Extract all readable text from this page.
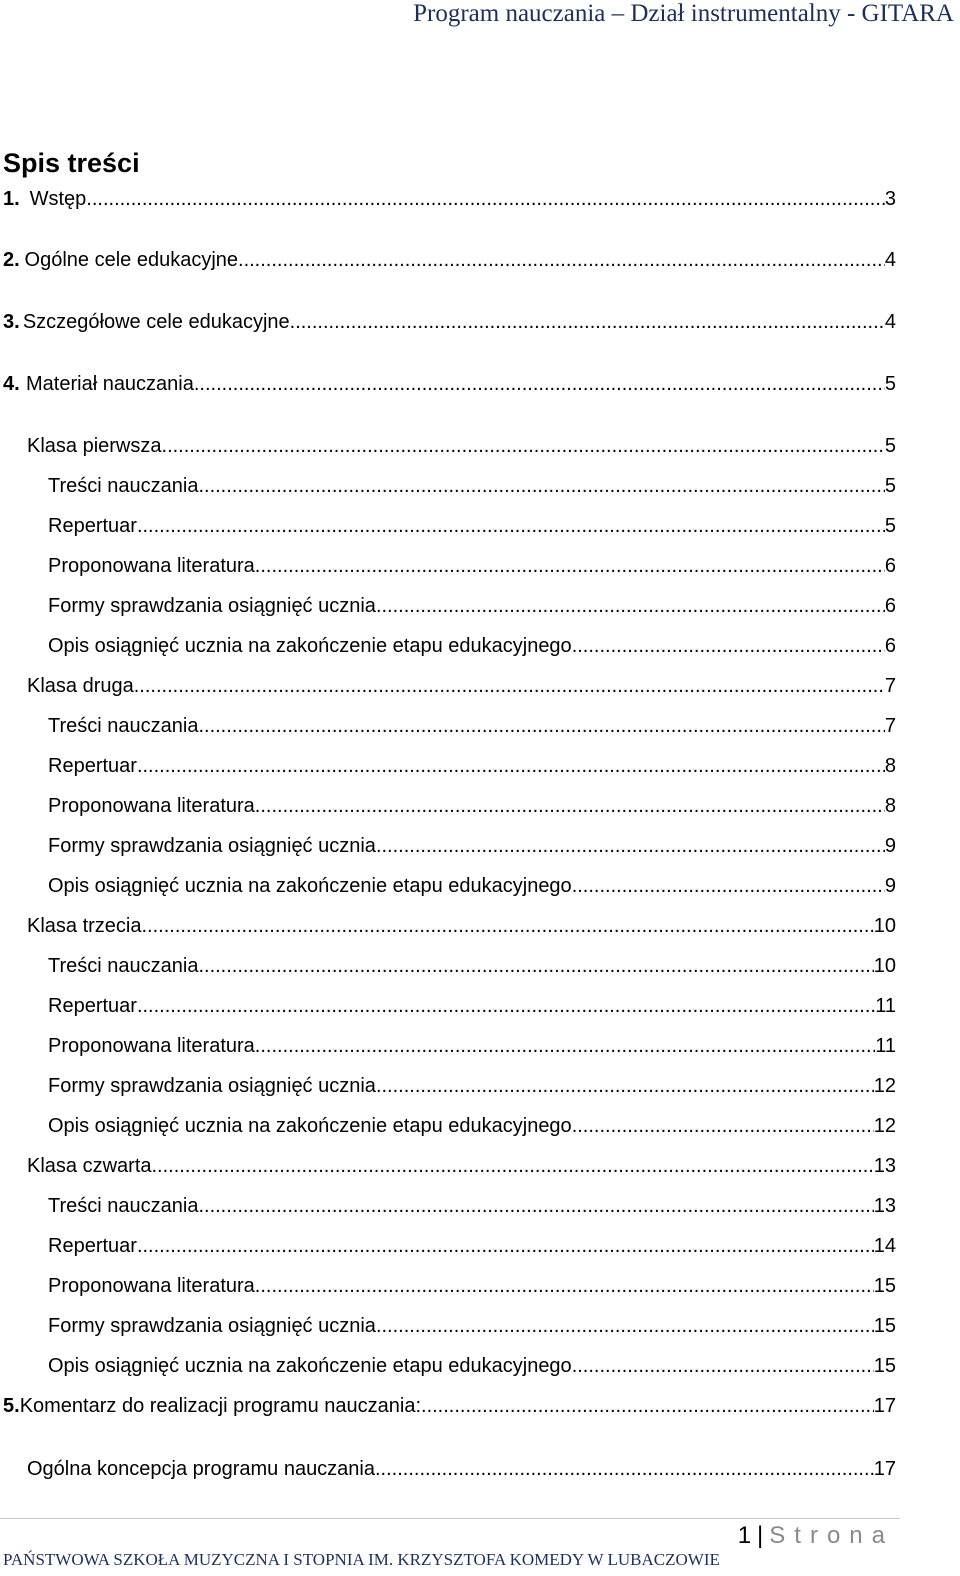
Program nauczania – Dział instrumentalny - GITARA
Spis treści
1. Wstęp .....	3
2. Ogólne cele edukacyjne .....	4
3. Szczegółowe cele edukacyjne .....	4
4. Materiał nauczania .....	5
Klasa pierwsza .....	5
Treści nauczania .....	5
Repertuar .....	5
Proponowana literatura .....	6
Formy sprawdzania osiągnięć ucznia .....	6
Opis osiągnięć ucznia na zakończenie etapu edukacyjnego .....	6
Klasa druga .....	7
Treści nauczania .....	7
Repertuar .....	8
Proponowana literatura .....	8
Formy sprawdzania osiągnięć ucznia .....	9
Opis osiągnięć ucznia na zakończenie etapu edukacyjnego .....	9
Klasa trzecia .....	10
Treści nauczania .....	10
Repertuar .....	11
Proponowana literatura .....	11
Formy sprawdzania osiągnięć ucznia .....	12
Opis osiągnięć ucznia na zakończenie etapu edukacyjnego .....	12
Klasa czwarta .....	13
Treści nauczania .....	13
Repertuar .....	14
Proponowana literatura .....	15
Formy sprawdzania osiągnięć ucznia .....	15
Opis osiągnięć ucznia na zakończenie etapu edukacyjnego .....	15
5. Komentarz do realizacji programu nauczania: .....	17
Ogólna koncepcja programu nauczania .....	17
1 | Strona
PAŃSTWOWA SZKOŁA MUZYCZNA I STOPNIA IM. KRZYSZTOFA KOMEDY W LUBACZOWIE
